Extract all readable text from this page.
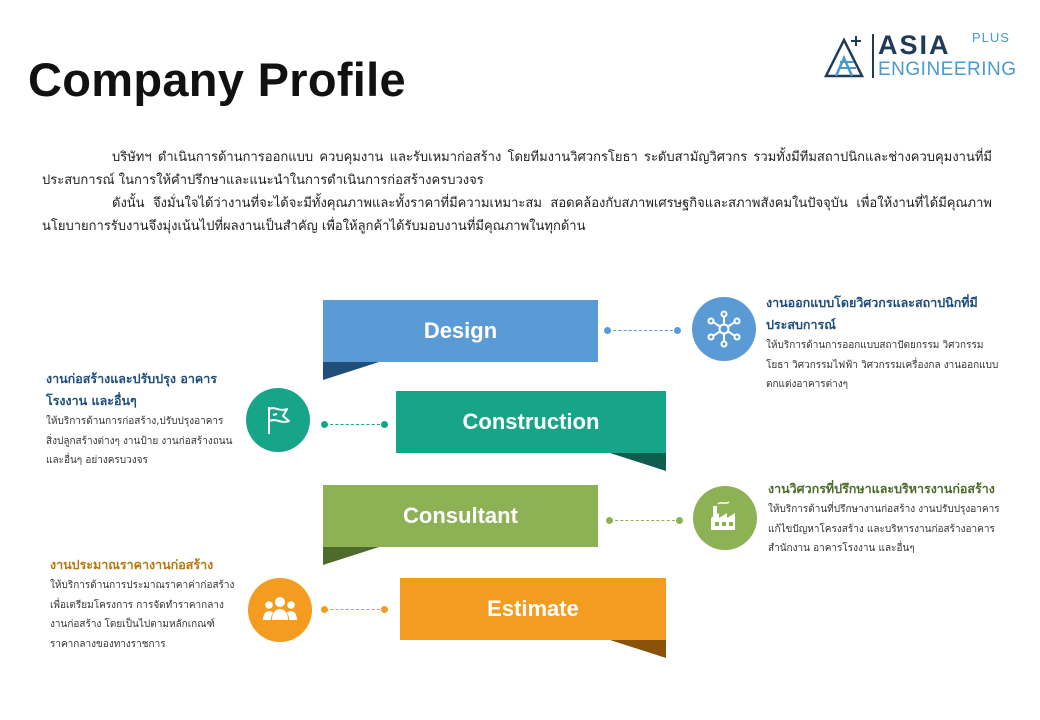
Company Profile
ASIA PLUS
ENGINEERING

บริษัทฯ ดำเนินการด้านการออกแบบ ควบคุมงาน และรับเหมาก่อสร้าง โดยทีมงานวิศวกรโยธา ระดับสามัญวิศวกร รวมทั้งมีทีมสถาปนิกและช่างควบคุมงานที่มีประสบการณ์ ในการให้คำปรึกษาและแนะนำในการดำเนินการก่อสร้างครบวงจร

ดังนั้น จึงมั่นใจได้ว่างานที่จะได้จะมีทั้งคุณภาพและทั้งราคาที่มีความเหมาะสม สอดคล้องกับสภาพเศรษฐกิจและสภาพสังคมในปัจจุบัน เพื่อให้งานที่ได้มีคุณภาพ นโยบายการรับงานจึงมุ่งเน้นไปที่ผลงานเป็นสำคัญ เพื่อให้ลูกค้าได้รับมอบงานที่มีคุณภาพในทุกด้าน

Design
งานออกแบบโดยวิศวกรและสถาปนิกที่มีประสบการณ์
ให้บริการด้านการออกแบบสถาปัตยกรรม วิศวกรรมโยธา วิศวกรรมไฟฟ้า วิศวกรรมเครื่องกล งานออกแบบตกแต่งอาคารต่างๆ
Construction
งานก่อสร้างและปรับปรุง อาคาร โรงงาน และอื่นๆ
ให้บริการด้านการก่อสร้าง,ปรับปรุงอาคาร สิ่งปลูกสร้างต่างๆ งานป้าย งานก่อสร้างถนน และอื่นๆ อย่างครบวงจร
Consultant
งานวิศวกรที่ปรึกษาและบริหารงานก่อสร้าง
ให้บริการด้านที่ปรึกษางานก่อสร้าง งานปรับปรุงอาคาร แก้ไขปัญหาโครงสร้าง และบริหารงานก่อสร้างอาคาร สำนักงาน อาคารโรงงาน และอื่นๆ
Estimate
งานประมาณราคางานก่อสร้าง
ให้บริการด้านการประมาณราคาค่าก่อสร้างเพื่อเตรียมโครงการ การจัดทำราคากลางงานก่อสร้าง โดยเป็นไปตามหลักเกณฑ์ราคากลางของทางราชการ
